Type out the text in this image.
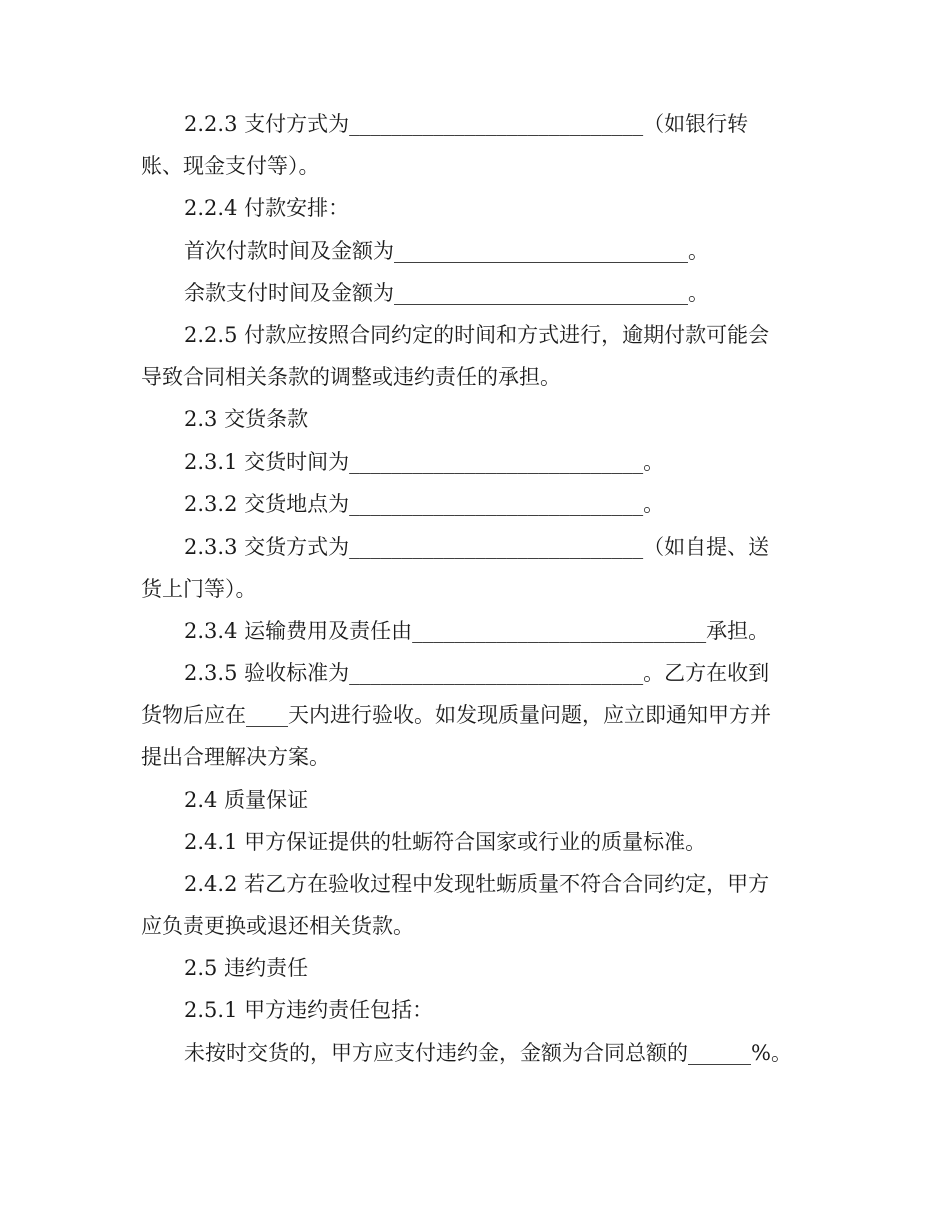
2.2.3 支付方式为____________________________（如银行转
账、现金支付等）。
2.2.4 付款安排：
首次付款时间及金额为____________________________。
余款支付时间及金额为____________________________。
2.2.5 付款应按照合同约定的时间和方式进行，逾期付款可能会
导致合同相关条款的调整或违约责任的承担。
2.3 交货条款
2.3.1 交货时间为____________________________。
2.3.2 交货地点为____________________________。
2.3.3 交货方式为____________________________（如自提、送
货上门等）。
2.3.4 运输费用及责任由____________________________承担。
2.3.5 验收标准为____________________________。乙方在收到
货物后应在____天内进行验收。如发现质量问题，应立即通知甲方并
提出合理解决方案。
2.4 质量保证
2.4.1 甲方保证提供的牡蛎符合国家或行业的质量标准。
2.4.2 若乙方在验收过程中发现牡蛎质量不符合合同约定，甲方
应负责更换或退还相关货款。
2.5 违约责任
2.5.1 甲方违约责任包括：
未按时交货的，甲方应支付违约金，金额为合同总额的______%。
